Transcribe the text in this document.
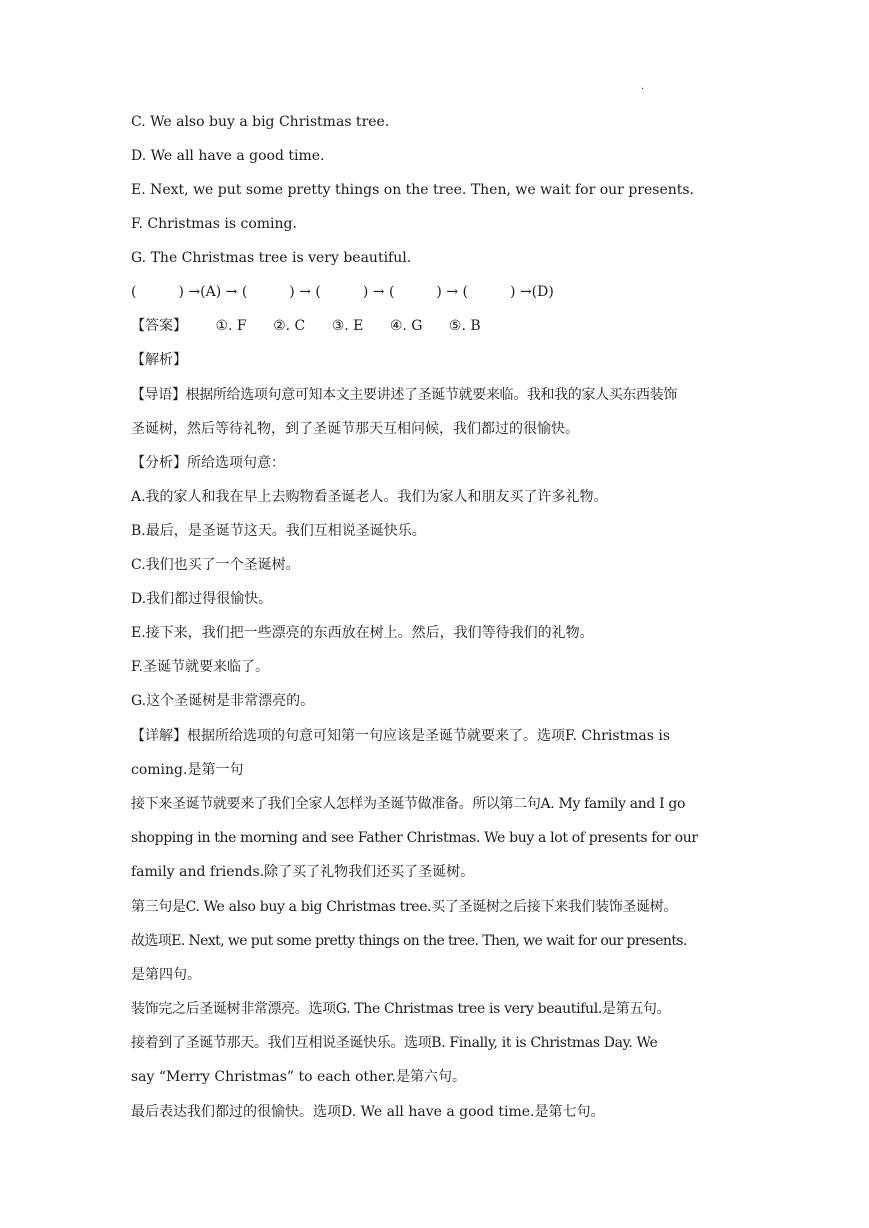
.
C. We also buy a big Christmas tree.
D. We all have a good time.
E. Next, we put some pretty things on the tree. Then, we wait for our presents.
F. Christmas is coming.
G. The Christmas tree is very beautiful.
(　　　) →(A) → (　　　) → (　　　) → (　　　) → (　　　) →(D)
【答案】 ①. F ②. C ③. E ④. G ⑤. B
【解析】
【导语】根据所给选项句意可知本文主要讲述了圣诞节就要来临。我和我的家人买东西装饰
圣诞树，然后等待礼物，到了圣诞节那天互相问候，我们都过的很愉快。
【分析】所给选项句意：
A.我的家人和我在早上去购物看圣诞老人。我们为家人和朋友买了许多礼物。
B.最后，是圣诞节这天。我们互相说圣诞快乐。
C.我们也买了一个圣诞树。
D.我们都过得很愉快。
E.接下来，我们把一些漂亮的东西放在树上。然后，我们等待我们的礼物。
F.圣诞节就要来临了。
G.这个圣诞树是非常漂亮的。
【详解】根据所给选项的句意可知第一句应该是圣诞节就要来了。选项F. Christmas is
coming.是第一句
接下来圣诞节就要来了我们全家人怎样为圣诞节做准备。所以第二句A. My family and I go
shopping in the morning and see Father Christmas. We buy a lot of presents for our
family and friends.除了买了礼物我们还买了圣诞树。
第三句是C. We also buy a big Christmas tree.买了圣诞树之后接下来我们装饰圣诞树。
故选项E. Next, we put some pretty things on the tree. Then, we wait for our presents.
是第四句。
装饰完之后圣诞树非常漂亮。选项G. The Christmas tree is very beautiful.是第五句。
接着到了圣诞节那天。我们互相说圣诞快乐。选项B. Finally, it is Christmas Day. We
say “Merry Christmas” to each other.是第六句。
最后表达我们都过的很愉快。选项D. We all have a good time.是第七句。
